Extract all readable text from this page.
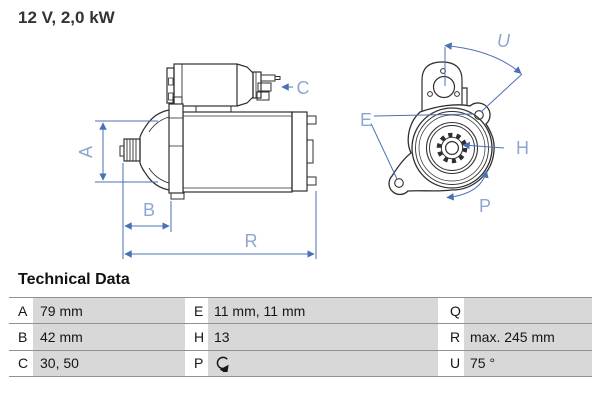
12 V, 2,0 kW
A
B
R
C
E
H
U
P
Technical Data
A 79 mm	E 11 mm, 11 mm	Q
B 42 mm	H 13	R max. 245 mm
C 30, 50	P	U 75 °
